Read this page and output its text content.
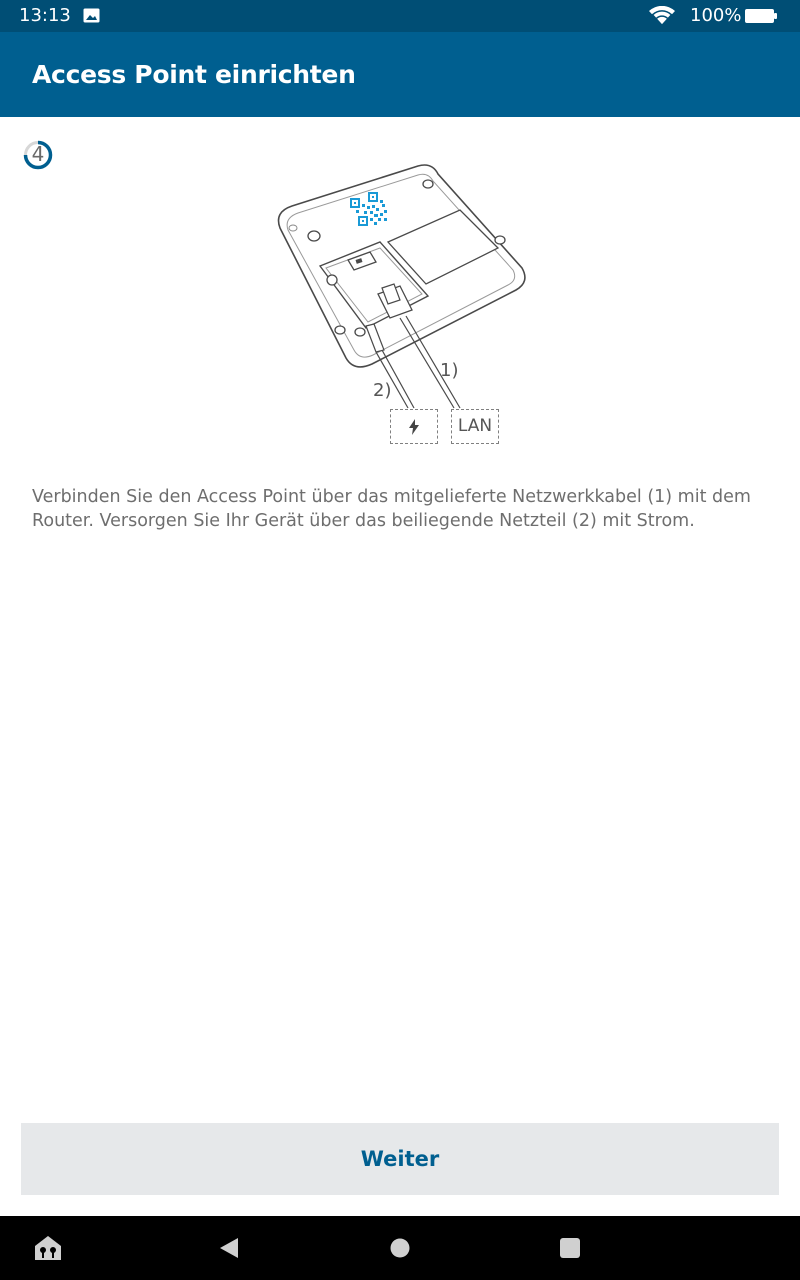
13:13	100%
Access Point einrichten
4
1)
2)
LAN
Verbinden Sie den Access Point über das mitgelieferte Netzwerkkabel (1) mit dem Router. Versorgen Sie Ihr Gerät über das beiliegende Netzteil (2) mit Strom.
Weiter
